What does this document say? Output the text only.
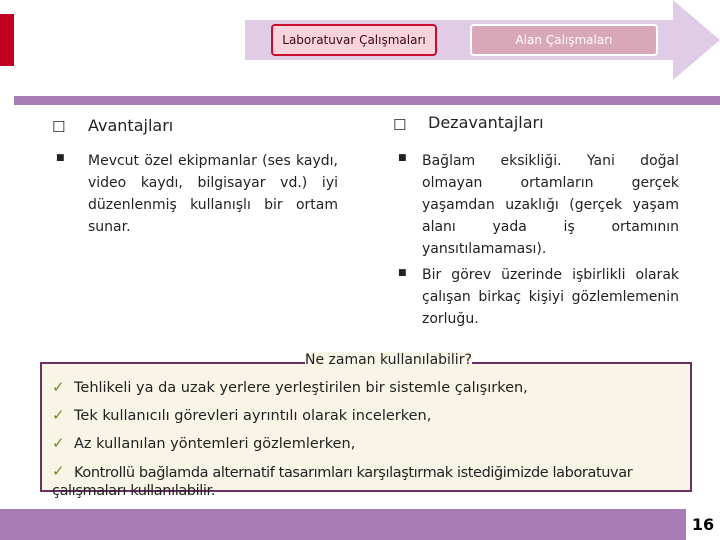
Laboratuvar Çalışmaları	Alan Çalışmaları
☐ Avantajları
■ Mevcut özel ekipmanlar (ses kaydı, video kaydı, bilgisayar vd.) iyi düzenlenmiş kullanışlı bir ortam sunar.
☐ Dezavantajları
■ Bağlam eksikliği. Yani doğal olmayan ortamların gerçek yaşamdan uzaklığı (gerçek yaşam alanı yada iş ortamının yansıtılamaması).
■ Bir görev üzerinde işbirlikli olarak çalışan birkaç kişiyi gözlemlemenin zorluğu.
Ne zaman kullanılabilir?
✓ Tehlikeli ya da uzak yerlere yerleştirilen bir sistemle çalışırken,
✓ Tek kullanıcılı görevleri ayrıntılı olarak incelerken,
✓ Az kullanılan yöntemleri gözlemlerken,
✓ Kontrollü bağlamda alternatif tasarımları karşılaştırmak istediğimizde laboratuvar çalışmaları kullanılabilir.
16
